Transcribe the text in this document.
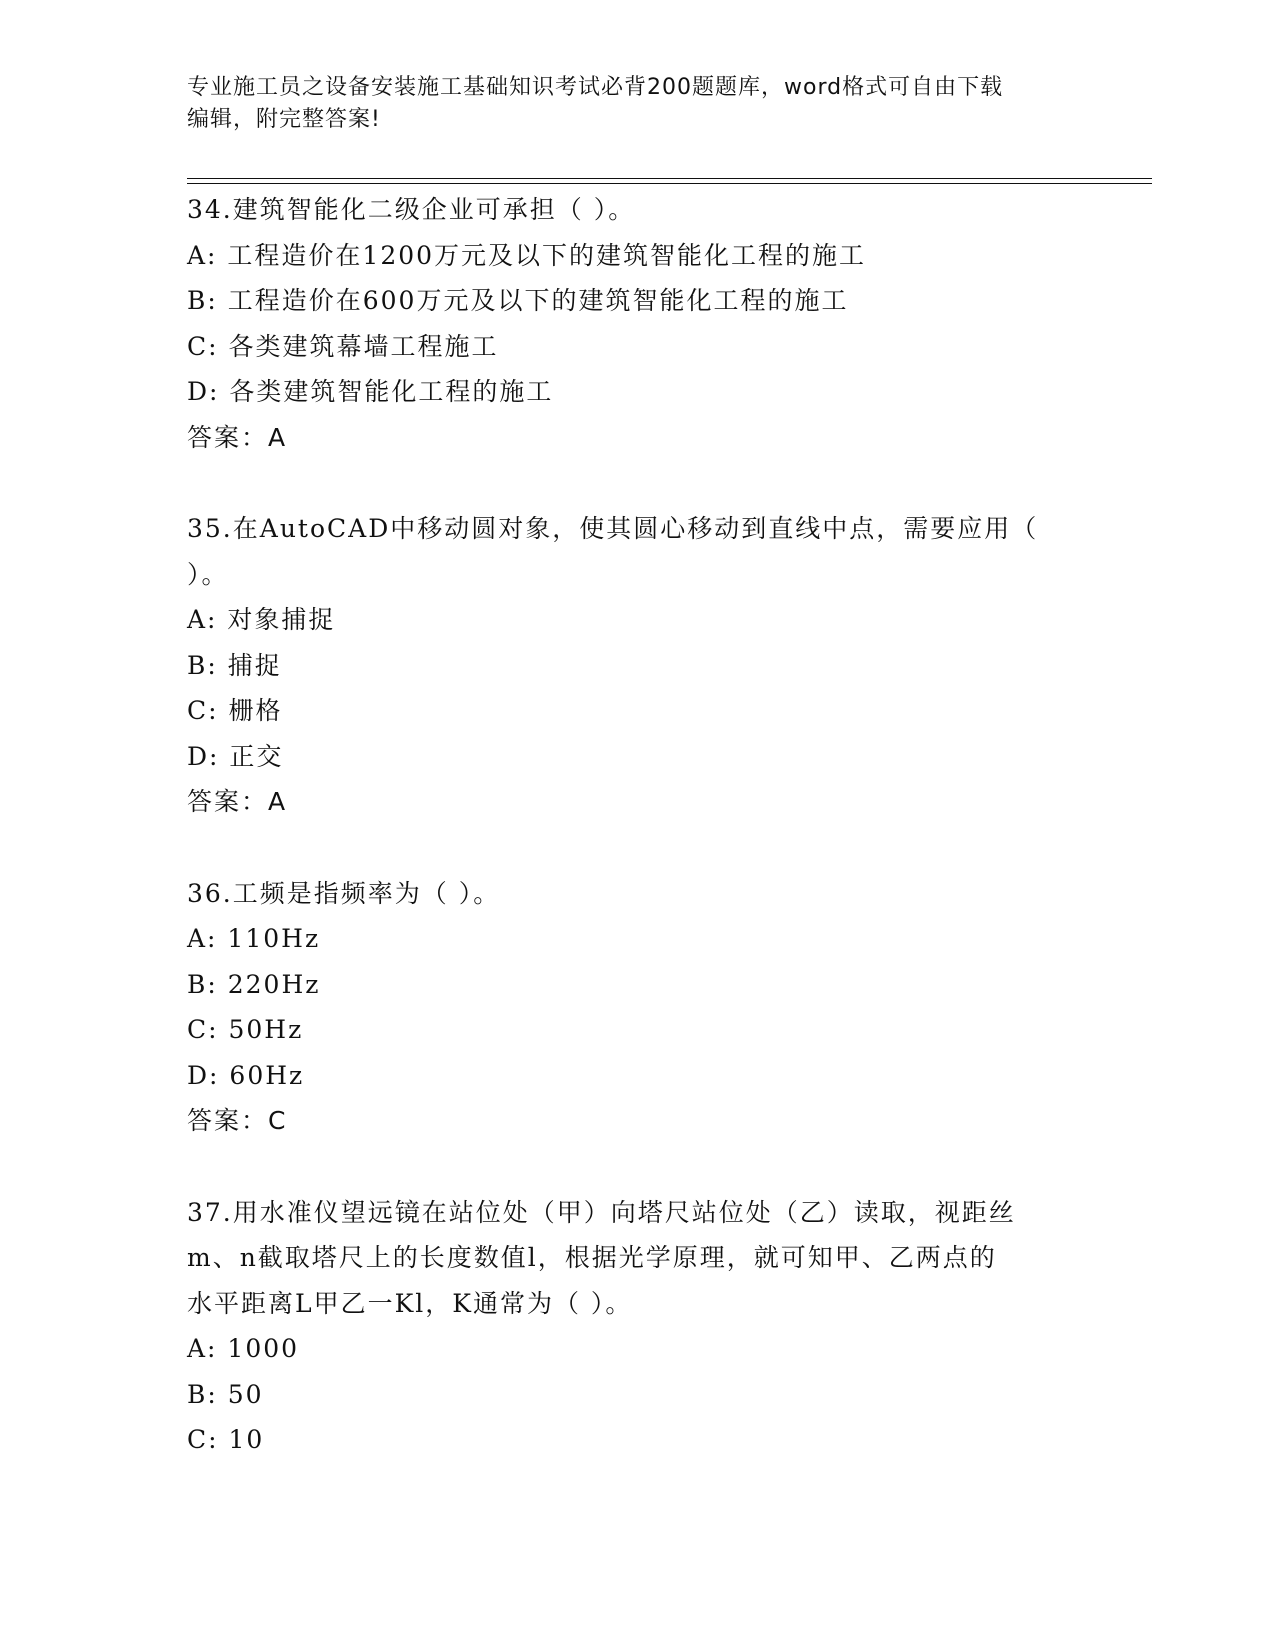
专业施工员之设备安装施工基础知识考试必背200题题库，word格式可自由下载
编辑，附完整答案!
34.建筑智能化二级企业可承担（ ）。
A: 工程造价在1200万元及以下的建筑智能化工程的施工
B: 工程造价在600万元及以下的建筑智能化工程的施工
C: 各类建筑幕墙工程施工
D: 各类建筑智能化工程的施工
答案：A
35.在AutoCAD中移动圆对象，使其圆心移动到直线中点，需要应用（
）。
A: 对象捕捉
B: 捕捉
C: 栅格
D: 正交
答案：A
36.工频是指频率为（ ）。
A: 110Hz
B: 220Hz
C: 50Hz
D: 60Hz
答案：C
37.用水准仪望远镜在站位处（甲）向塔尺站位处（乙）读取，视距丝
m、n截取塔尺上的长度数值l，根据光学原理，就可知甲、乙两点的
水平距离L甲乙一Kl，K通常为（ ）。
A: 1000
B: 50
C: 10
